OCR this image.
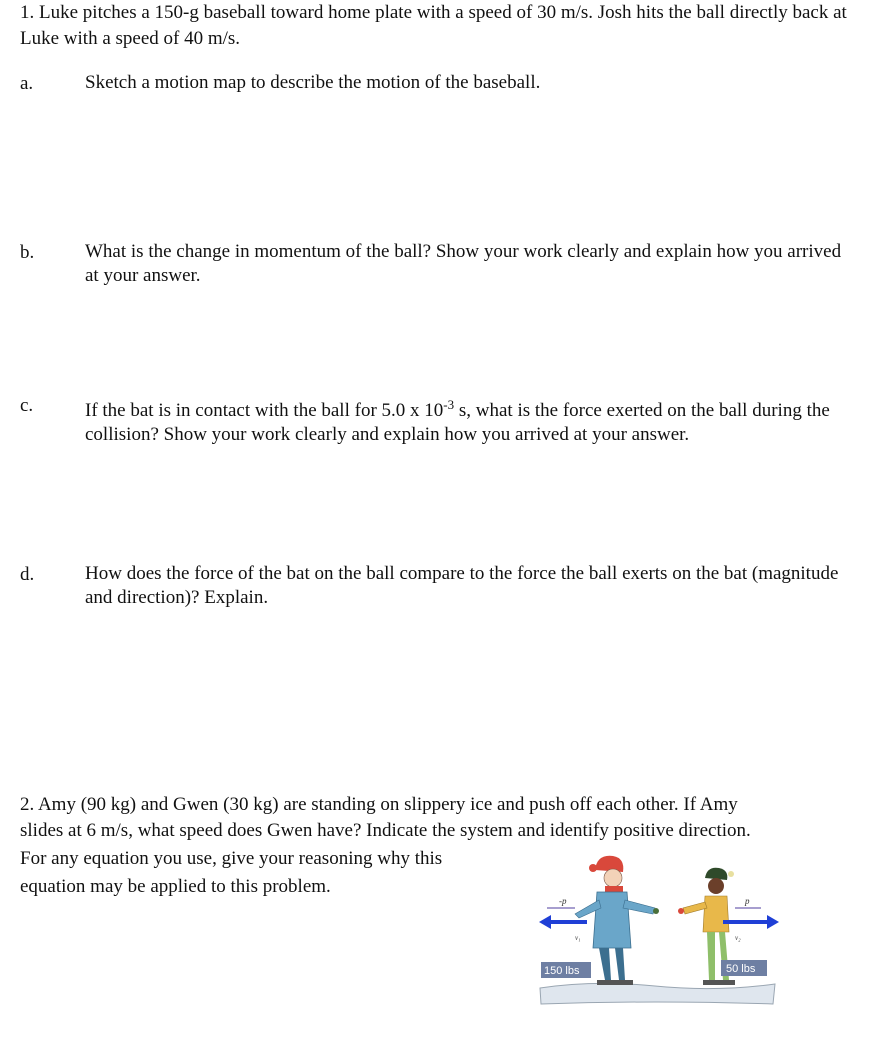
1. Luke pitches a 150-g baseball toward home plate with a speed of 30 m/s. Josh hits the ball directly back at Luke with a speed of 40 m/s.

a.	Sketch a motion map to describe the motion of the baseball.
b.	What is the change in momentum of the ball? Show your work clearly and explain how you arrived at your answer.
c.	If the bat is in contact with the ball for 5.0 x $10^{-3}$ s, what is the force exerted on the ball during the collision? Show your work clearly and explain how you arrived at your answer.
d.	How does the force of the bat on the ball compare to the force the ball exerts on the bat (magnitude and direction)? Explain.
2. Amy (90 kg) and Gwen (30 kg) are standing on slippery ice and push off each other. If Amy
slides at 6 m/s, what speed does Gwen have? Indicate the system and identify positive direction.
For any equation you use, give your reasoning why this
equation may be applied to this problem.
-p	p
v₁	v₂
150 lbs	50 lbs
